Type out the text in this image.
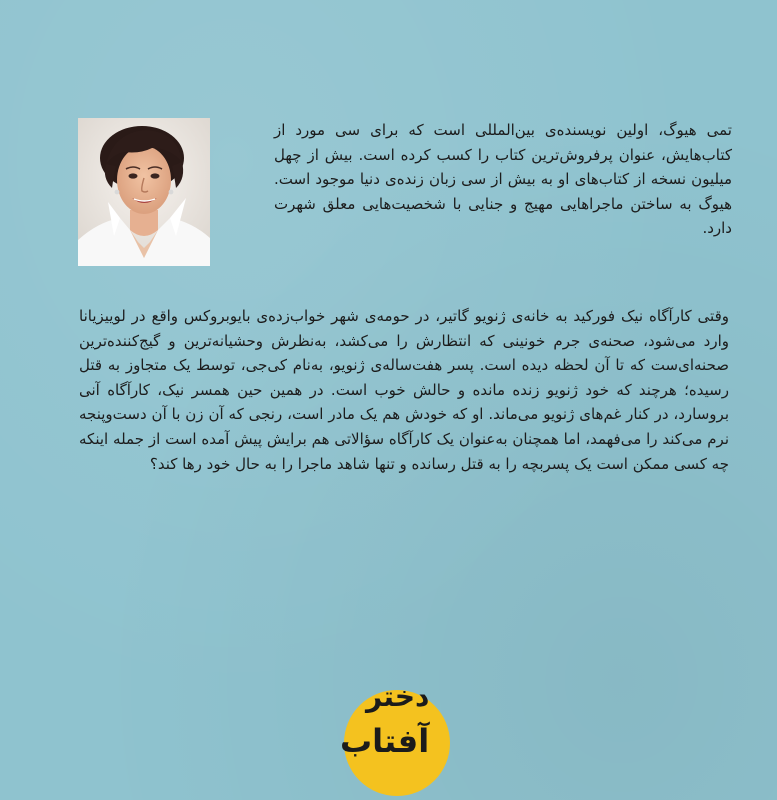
تمی هیوگ، اولین نویسنده‌ی بین‌المللی است که برای سی مورد از کتاب‌هایش، عنوان پرفروش‌ترین کتاب را کسب کرده است. بیش از چهل میلیون نسخه از کتاب‌های او به بیش از سی زبان زنده‌ی دنیا موجود است. هیوگ به ساختن ماجراهایی مهیج و جنایی با شخصیت‌هایی معلق شهرت دارد.

وقتی کارآگاه نیک فورکید به خانه‌ی ژنویو گاتیر، در حومه‌ی شهر خواب‌زده‌ی بایوبروکس واقع در لوییزیانا وارد می‌شود، صحنه‌ی جرم خونینی که انتظارش را می‌کشد، به‌نظرش وحشیانه‌ترین و گیج‌کننده‌ترین صحنه‌ای‌ست که تا آن لحظه دیده است. پسر هفت‌ساله‌ی ژنویو، به‌نام کی‌جی، توسط یک متجاوز به قتل رسیده؛ هرچند که خود ژنویو زنده مانده و حالش خوب است. در همین حین همسر نیک، کارآگاه آنی بروسارد، در کنار غم‌های ژنویو می‌ماند. او که خودش هم یک مادر است، رنجی که آن زن با آن دست‌وپنجه نرم می‌کند را می‌فهمد، اما همچنان به‌عنوان یک کارآگاه سؤالاتی هم برایش پیش آمده است از جمله اینکه چه کسی ممکن است یک پسربچه را به قتل رسانده و تنها شاهد ماجرا را به حال خود رها کند؟

دختر
آفتاب
